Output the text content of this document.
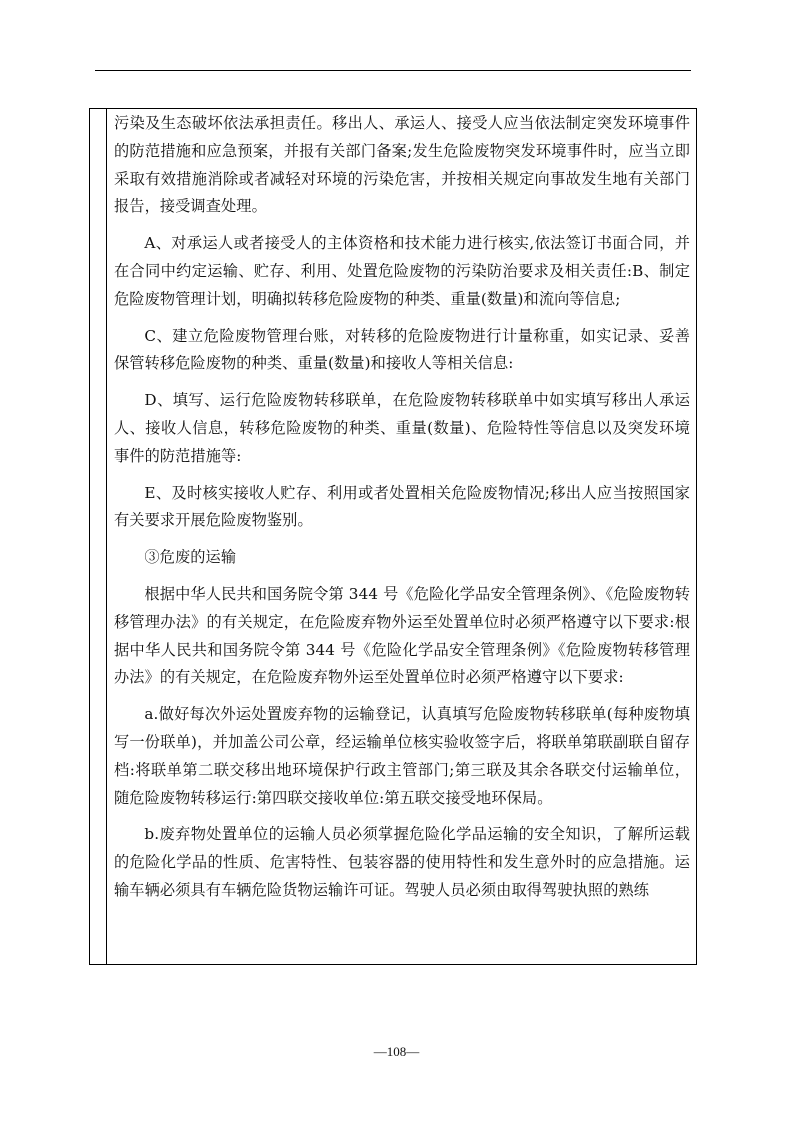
污染及生态破坏依法承担责任。移出人、承运人、接受人应当依法制定突发环境事件的防范措施和应急预案，并报有关部门备案;发生危险废物突发环境事件时，应当立即采取有效措施消除或者减轻对环境的污染危害，并按相关规定向事故发生地有关部门报告，接受调查处理。

A、对承运人或者接受人的主体资格和技术能力进行核实,依法签订书面合同，并在合同中约定运输、贮存、利用、处置危险废物的污染防治要求及相关责任:B、制定危险废物管理计划，明确拟转移危险废物的种类、重量(数量)和流向等信息;

C、建立危险废物管理台账，对转移的危险废物进行计量称重，如实记录、妥善保管转移危险废物的种类、重量(数量)和接收人等相关信息:

D、填写、运行危险废物转移联单，在危险废物转移联单中如实填写移出人承运人、接收人信息，转移危险废物的种类、重量(数量)、危险特性等信息以及突发环境事件的防范措施等:

E、及时核实接收人贮存、利用或者处置相关危险废物情况;移出人应当按照国家有关要求开展危险废物鉴别。

③危废的运输

根据中华人民共和国务院令第 344 号《危险化学品安全管理条例》、《危险废物转移管理办法》的有关规定，在危险废弃物外运至处置单位时必须严格遵守以下要求:根据中华人民共和国务院令第 344 号《危险化学品安全管理条例》《危险废物转移管理办法》的有关规定，在危险废弃物外运至处置单位时必须严格遵守以下要求:

a.做好每次外运处置废弃物的运输登记，认真填写危险废物转移联单(每种废物填写一份联单)，并加盖公司公章，经运输单位核实验收签字后，将联单第联副联自留存档:将联单第二联交移出地环境保护行政主管部门;第三联及其余各联交付运输单位，随危险废物转移运行:第四联交接收单位:第五联交接受地环保局。

b.废弃物处置单位的运输人员必须掌握危险化学品运输的安全知识，了解所运载的危险化学品的性质、危害特性、包装容器的使用特性和发生意外时的应急措施。运输车辆必须具有车辆危险货物运输许可证。驾驶人员必须由取得驾驶执照的熟练

—108—
